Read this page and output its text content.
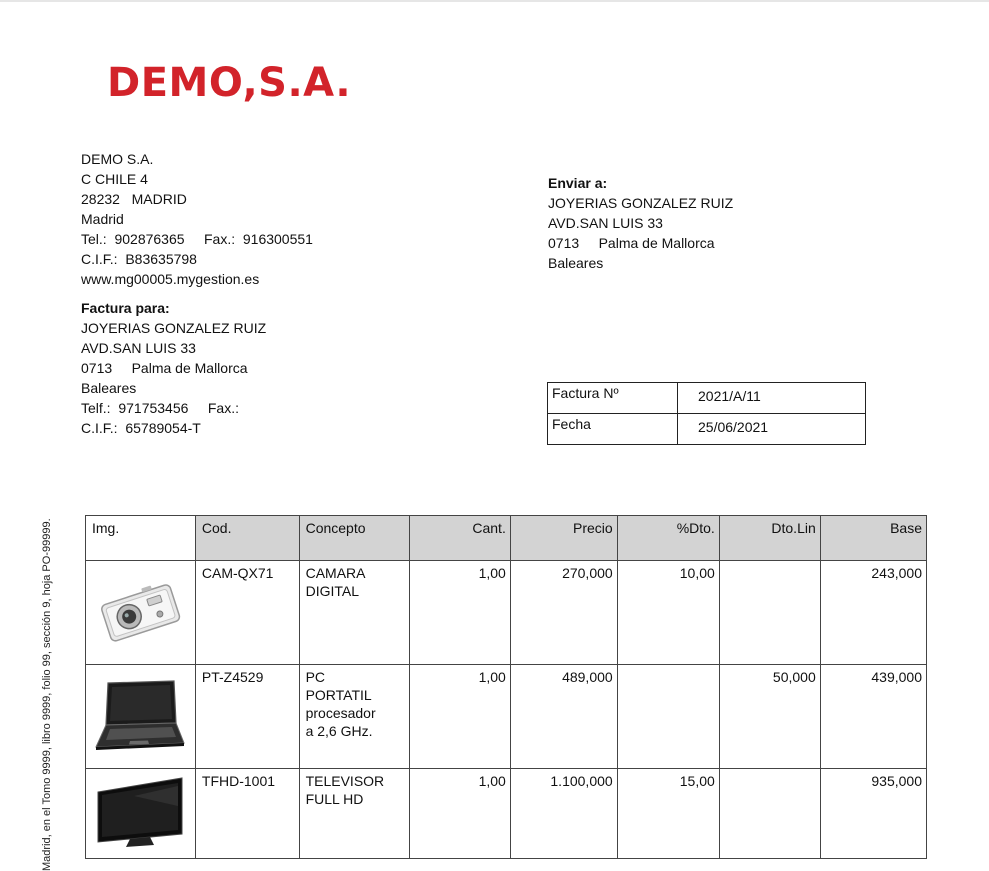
DEMO,S.A.
DEMO S.A.
C CHILE 4
28232   MADRID
Madrid
Tel.:  902876365     Fax.:  916300551
C.I.F.:  B83635798
www.mg00005.mygestion.es
Factura para:
JOYERIAS GONZALEZ RUIZ
AVD.SAN LUIS 33
0713     Palma de Mallorca
Baleares
Telf.:  971753456     Fax.:
C.I.F.:  65789054-T
Enviar a:
JOYERIAS GONZALEZ RUIZ
AVD.SAN LUIS 33
0713     Palma de Mallorca
Baleares
Factura Nº	2021/A/11
Fecha	25/06/2021
Madrid, en el Tomo 9999, libro 9999, folio 99, sección 9, hoja PO-99999.	Img.	Cod.	Concepto	Cant.	Precio	%Dto.	Dto.Lin	Base
	CAM-QX71	CAMARA
DIGITAL	1,00	270,000	10,00		243,000
	PT-Z4529	PC
PORTATIL
procesador
a 2,6 GHz.	1,00	489,000		50,000	439,000
	TFHD-1001	TELEVISOR
FULL HD	1,00	1.100,000	15,00		935,000
